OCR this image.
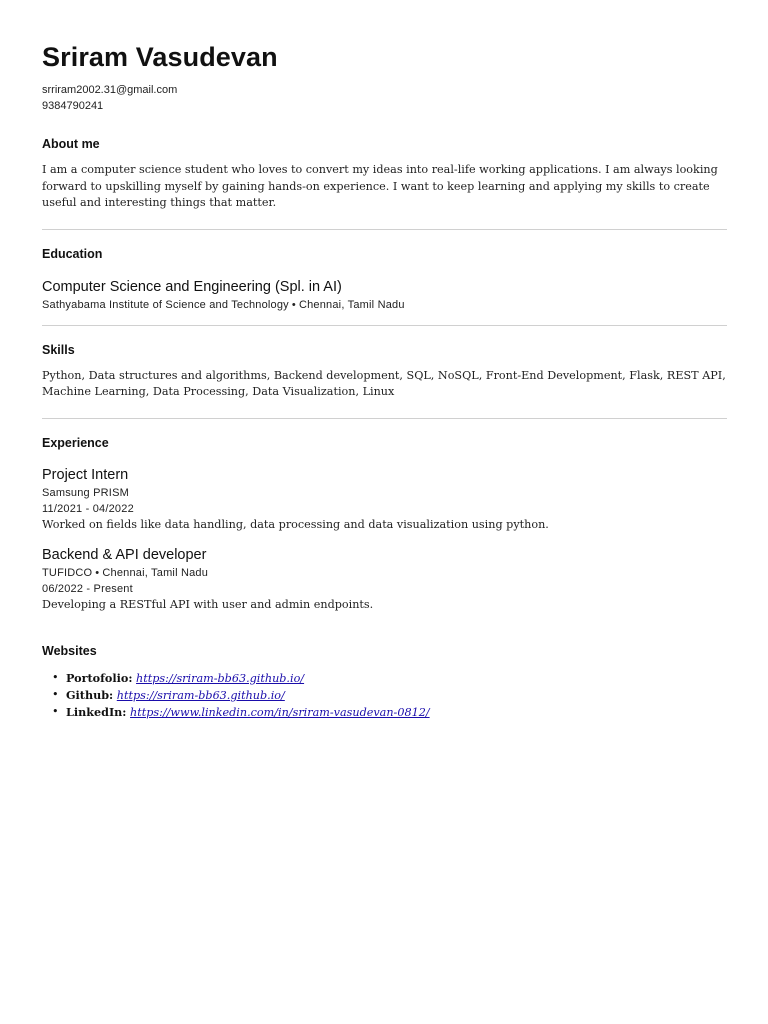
Sriram Vasudevan

srriram2002.31@gmail.com

9384790241

About me

I am a computer science student who loves to convert my ideas into real-life working applications. I am always looking forward to upskilling myself by gaining hands-on experience. I want to keep learning and applying my skills to create useful and interesting things that matter.

Education
Computer Science and Engineering (Spl. in AI)

Sathyabama Institute of Science and Technology • Chennai, Tamil Nadu

Skills

Python, Data structures and algorithms, Backend development, SQL, NoSQL, Front-End Development, Flask, REST API, Machine Learning, Data Processing, Data Visualization, Linux

Experience
Project Intern

Samsung PRISM

11/2021 - 04/2022

Worked on fields like data handling, data processing and data visualization using python.

Backend & API developer

TUFIDCO • Chennai, Tamil Nadu

06/2022 - Present

Developing a RESTful API with user and admin endpoints.

Websites
• Portofolio: https://sriram-bb63.github.io/
• Github: https://sriram-bb63.github.io/
• LinkedIn: https://www.linkedin.com/in/sriram-vasudevan-0812/
